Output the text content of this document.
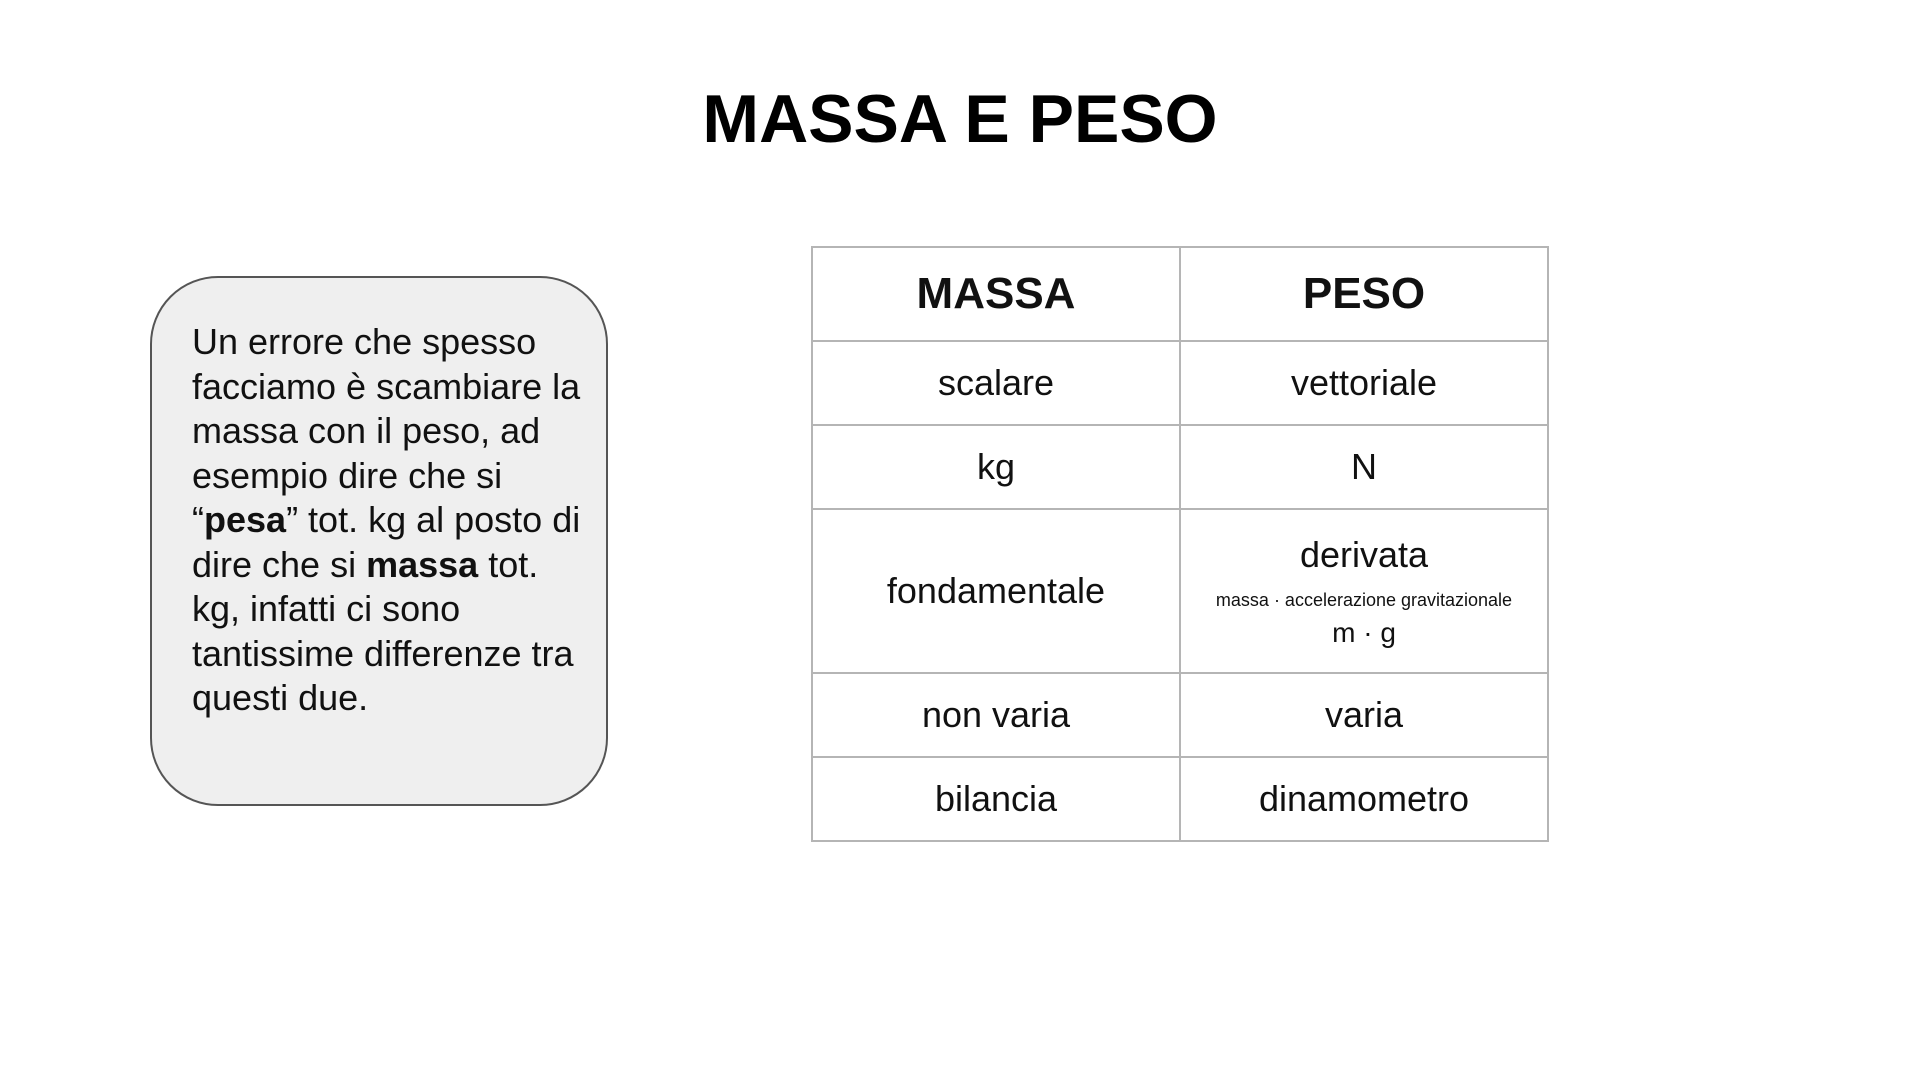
MASSA E PESO
Un errore che spesso facciamo è scambiare la massa con il peso, ad esempio dire che si “pesa” tot. kg al posto di dire che si massa tot. kg, infatti ci sono tantissime differenze tra questi due.
MASSA	PESO
scalare	vettoriale
kg	N
fondamentale	derivata
massa · accelerazione gravitazionale
m · g

non varia	varia
bilancia	dinamometro
